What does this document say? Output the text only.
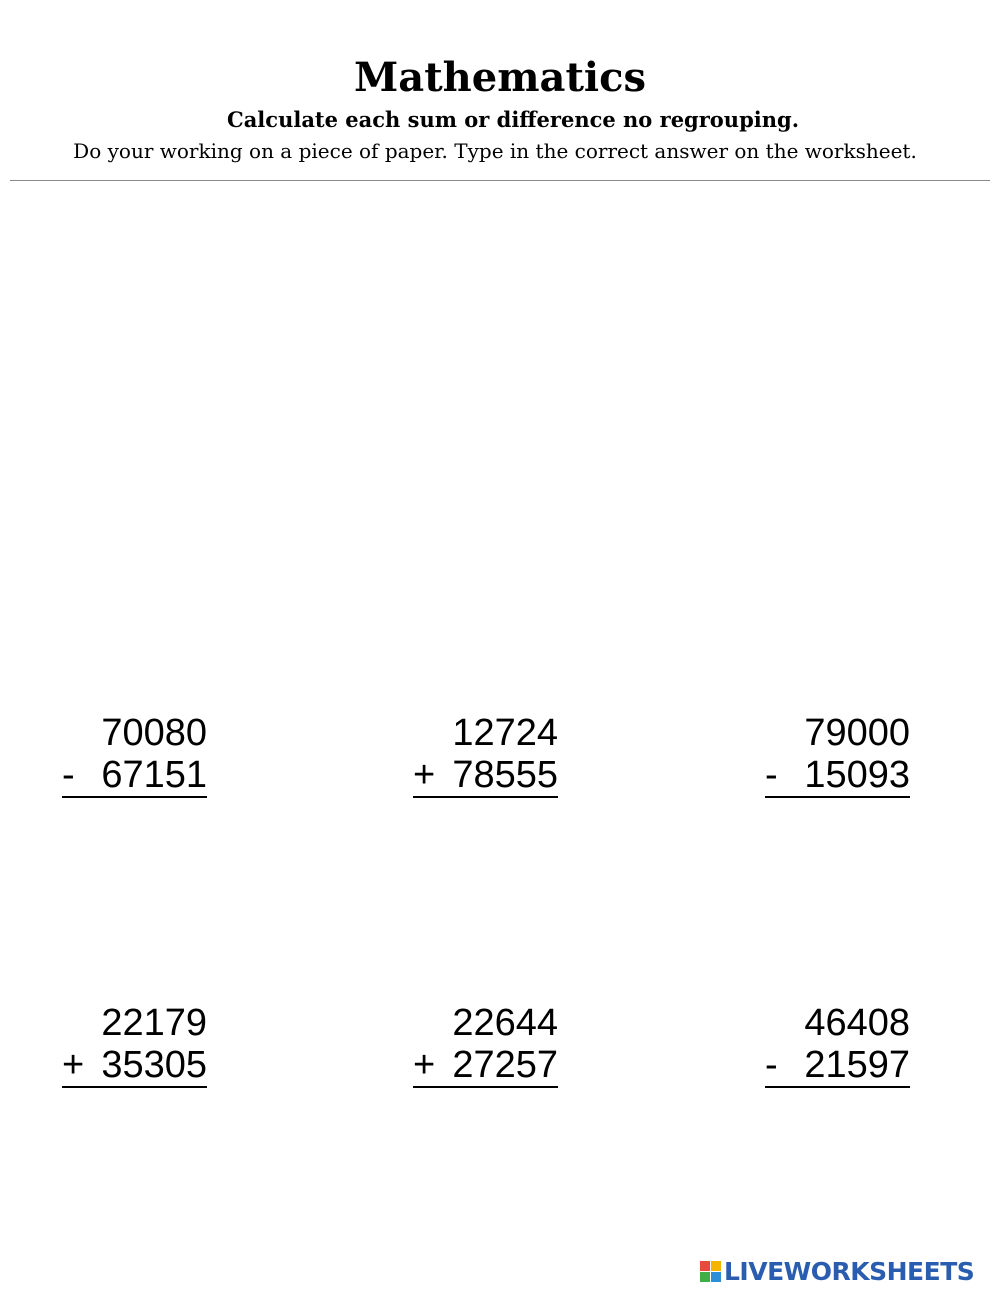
Mathematics
Calculate each sum or difference no regrouping.
Do your working on a piece of paper. Type in the correct answer on the worksheet.
70080
- 67151
12724
+ 78555
79000
- 15093
22179
+ 35305
22644
+ 27257
46408
- 21597
LIVEWORKSHEETS
